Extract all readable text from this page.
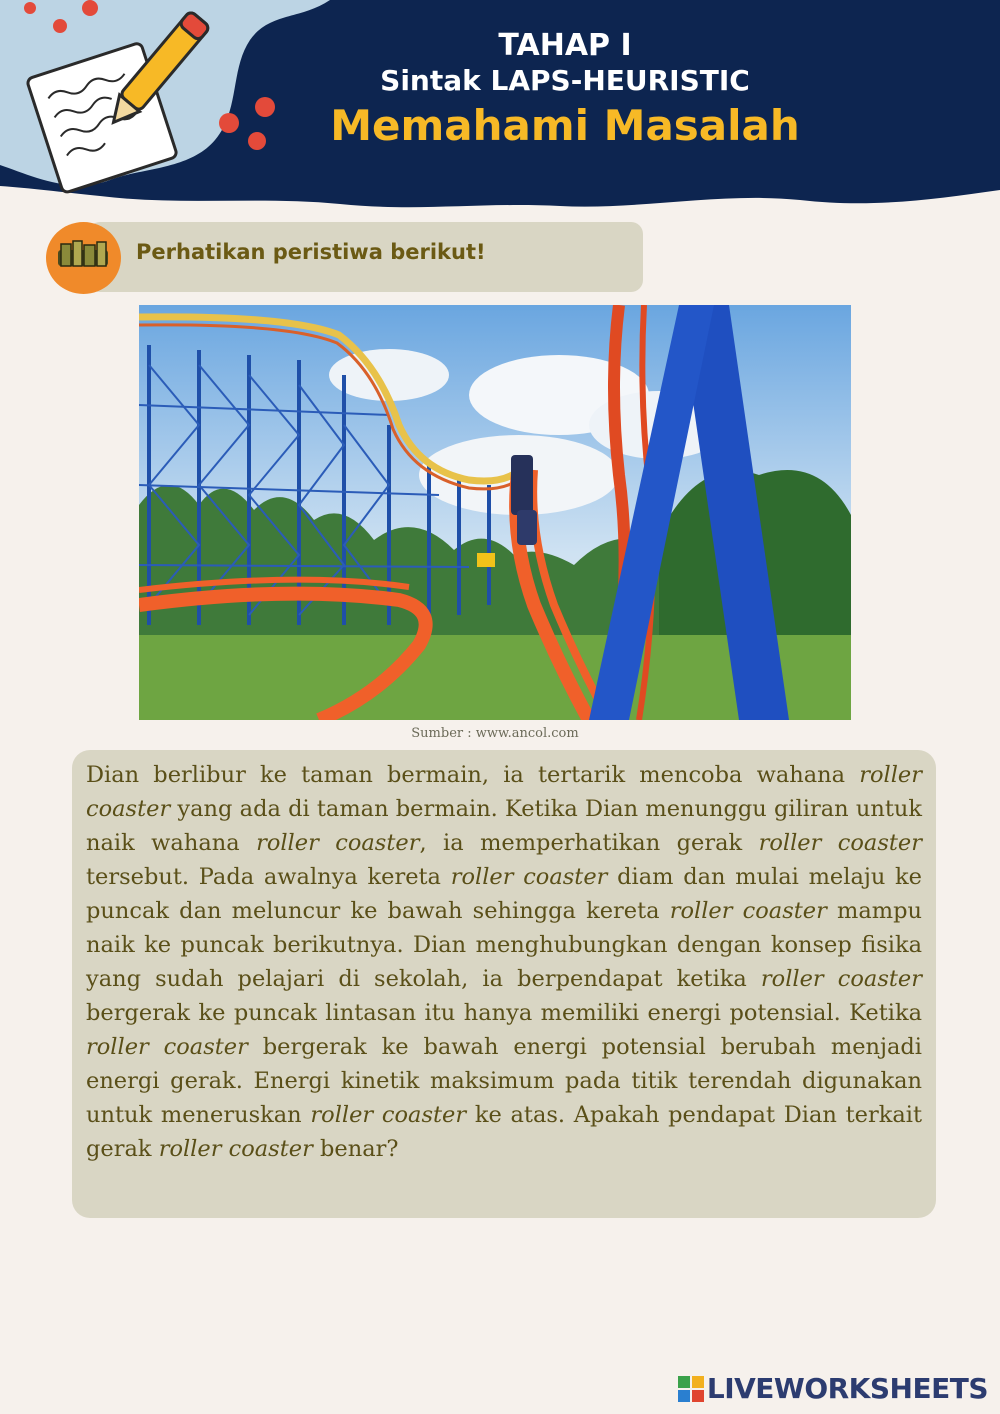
TAHAP I
Sintak LAPS-HEURISTIC
Memahami Masalah
Perhatikan peristiwa berikut!
Sumber : www.ancol.com
Dian berlibur ke taman bermain, ia tertarik mencoba wahana roller coaster yang ada di taman bermain. Ketika Dian menunggu giliran untuk naik wahana roller coaster, ia memperhatikan gerak roller coaster tersebut. Pada awalnya kereta roller coaster diam dan mulai melaju ke puncak dan meluncur ke bawah sehingga kereta roller coaster mampu naik ke puncak berikutnya. Dian menghubungkan dengan konsep fisika yang sudah pelajari di sekolah, ia berpendapat ketika roller coaster bergerak ke puncak lintasan itu hanya memiliki energi potensial. Ketika roller coaster bergerak ke bawah energi potensial berubah menjadi energi gerak. Energi kinetik maksimum pada titik terendah digunakan untuk meneruskan roller coaster ke atas. Apakah pendapat Dian terkait gerak roller coaster benar?
LIVEWORKSHEETS
